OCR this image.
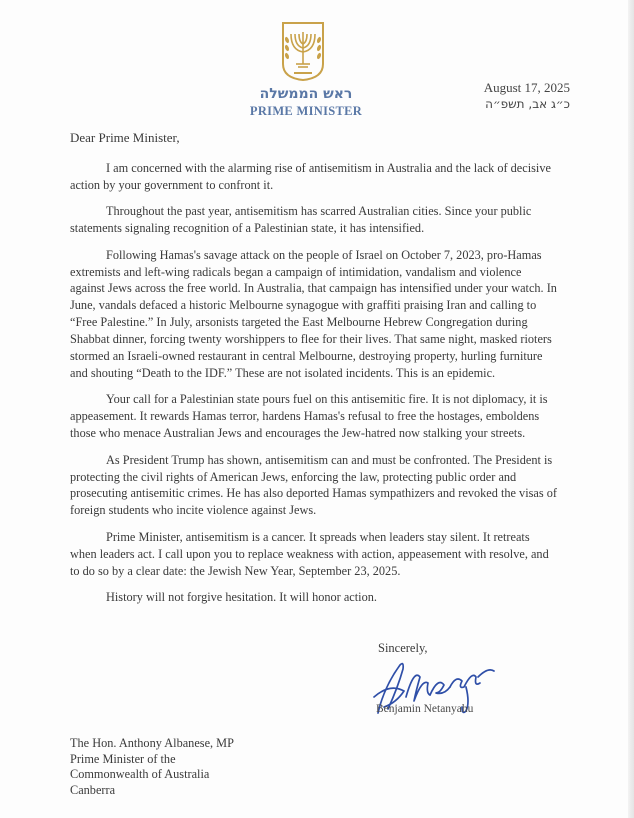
ראש הממשלה
PRIME MINISTER
August 17, 2025
כ״ג אב, תשפ״ה
Dear Prime Minister,

I am concerned with the alarming rise of antisemitism in Australia and the lack of decisive action by your government to confront it.

Throughout the past year, antisemitism has scarred Australian cities. Since your public statements signaling recognition of a Palestinian state, it has intensified.

Following Hamas's savage attack on the people of Israel on October 7, 2023, pro-Hamas extremists and left-wing radicals began a campaign of intimidation, vandalism and violence against Jews across the free world. In Australia, that campaign has intensified under your watch. In June, vandals defaced a historic Melbourne synagogue with graffiti praising Iran and calling to “Free Palestine.” In July, arsonists targeted the East Melbourne Hebrew Congregation during Shabbat dinner, forcing twenty worshippers to flee for their lives. That same night, masked rioters stormed an Israeli-owned restaurant in central Melbourne, destroying property, hurling furniture and shouting “Death to the IDF.” These are not isolated incidents. This is an epidemic.

Your call for a Palestinian state pours fuel on this antisemitic fire. It is not diplomacy, it is appeasement. It rewards Hamas terror, hardens Hamas's refusal to free the hostages, emboldens those who menace Australian Jews and encourages the Jew-hatred now stalking your streets.

As President Trump has shown, antisemitism can and must be confronted. The President is protecting the civil rights of American Jews, enforcing the law, protecting public order and prosecuting antisemitic crimes. He has also deported Hamas sympathizers and revoked the visas of foreign students who incite violence against Jews.

Prime Minister, antisemitism is a cancer. It spreads when leaders stay silent. It retreats when leaders act. I call upon you to replace weakness with action, appeasement with resolve, and to do so by a clear date: the Jewish New Year, September 23, 2025.

History will not forgive hesitation. It will honor action.

Sincerely,
Benjamin Netanyahu
The Hon. Anthony Albanese, MP
Prime Minister of the
Commonwealth of Australia
Canberra
